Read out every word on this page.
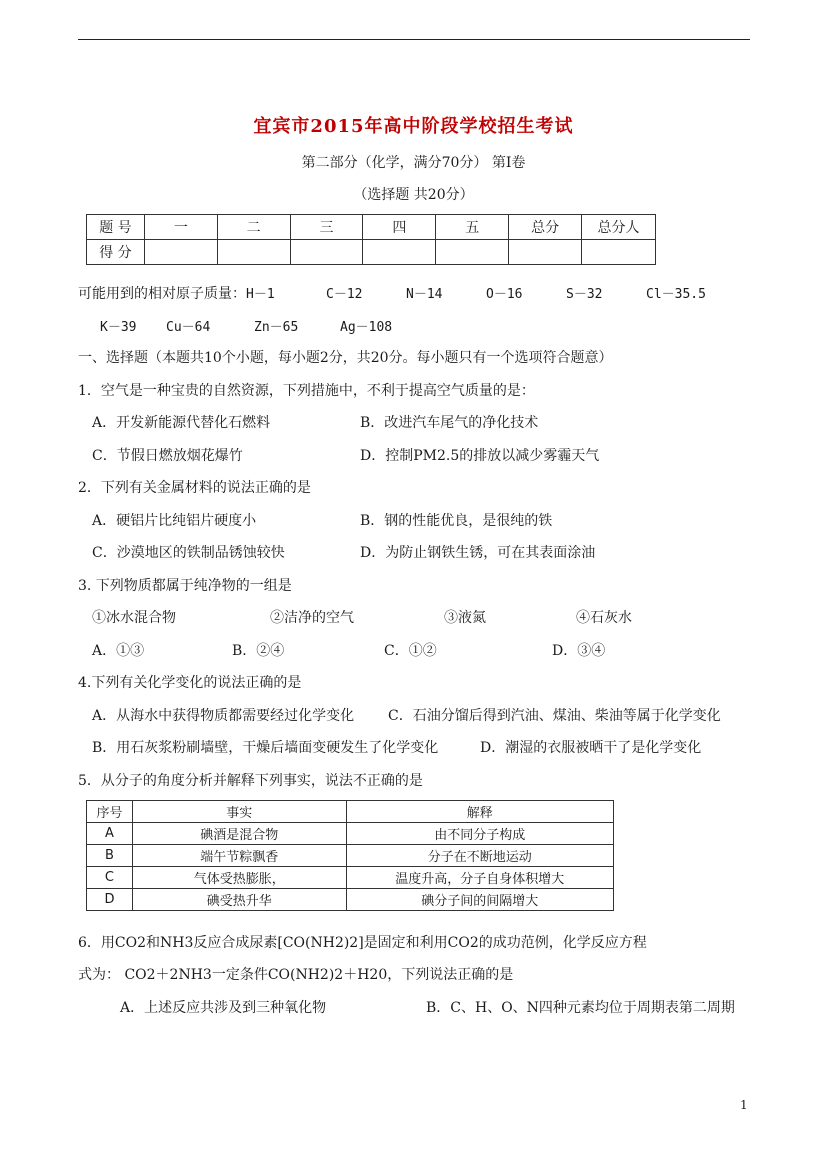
宜宾市2015年高中阶段学校招生考试
第二部分（化学，满分70分） 第Ⅰ卷
（选择题 共20分）
题 号	一	二	三	四	五	总分	总分人
得 分							
可能用到的相对原子质量： H－1	C－12	N－14	O－16	S－32	Cl－35.5
K－39 Cu－64	Zn－65	Ag－108
一、选择题（本题共10个小题，每小题2分，共20分。每小题只有一个选项符合题意）
1．空气是一种宝贵的自然资源，下列措施中，不利于提高空气质量的是：
A．开发新能源代替化石燃料	B．改进汽车尾气的净化技术
C．节假日燃放烟花爆竹	D．控制PM2.5的排放以减少雾霾天气
2．下列有关金属材料的说法正确的是
A．硬铝片比纯铝片硬度小	B．钢的性能优良，是很纯的铁
C．沙漠地区的铁制品锈蚀较快	D．为防止钢铁生锈，可在其表面涂油
3. 下列物质都属于纯净物的一组是
①冰水混合物	②洁净的空气	③液氮	④石灰水
A．①③	B．②④	C．①②	D．③④
4.下列有关化学变化的说法正确的是
A．从海水中获得物质都需要经过化学变化 C．石油分馏后得到汽油、煤油、柴油等属于化学变化
B．用石灰浆粉刷墙壁，干燥后墙面变硬发生了化学变化	D．潮湿的衣服被晒干了是化学变化
5．从分子的角度分析并解释下列事实，说法不正确的是
序号	事实	解释
A	碘酒是混合物	由不同分子构成
B	端午节粽飘香	分子在不断地运动
C	气体受热膨胀，	温度升高，分子自身体积增大
D	碘受热升华	碘分子间的间隔增大
6．用CO2和NH3反应合成尿素[CO(NH2)2]是固定和利用CO2的成功范例，化学反应方程
式为： CO2＋2NH3一定条件CO(NH2)2＋H20，下列说法正确的是
A．上述反应共涉及到三种氧化物	B．C、H、O、N四种元素均位于周期表第二周期
1
